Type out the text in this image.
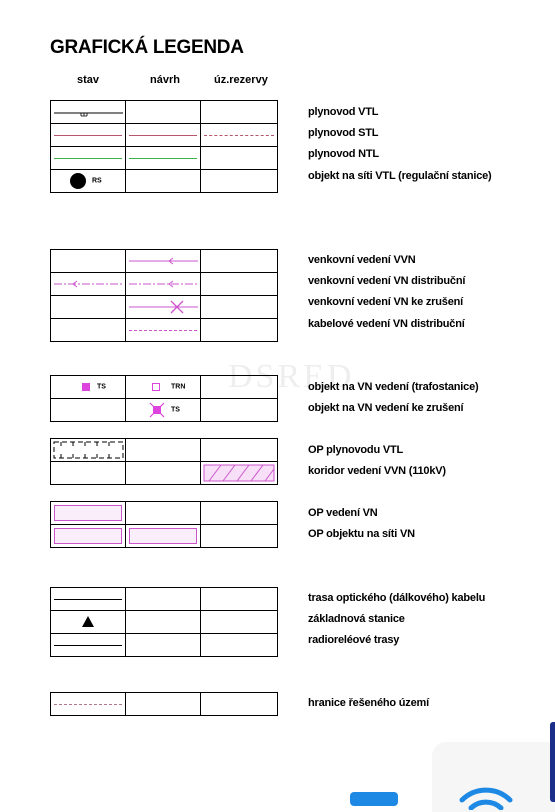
GRAFICKÁ LEGENDA
stav	návrh	úz.rezervy
DSRED
RS
plynovod VTL
plynovod STL
plynovod NTL
objekt na síti VTL (regulační stanice)
venkovní vedení VVN
venkovní vedení VN distribuční
venkovní vedení VN ke zrušení
kabelové vedení VN distribuční
TS	TRN
TS
objekt na VN vedení (trafostanice)
objekt na VN vedení ke zrušení
OP plynovodu VTL
koridor vedení VVN (110kV)
OP vedení VN
OP objektu na síti VN
trasa optického (dálkového) kabelu
základnová stanice
radioreléové trasy
hranice řešeného území
